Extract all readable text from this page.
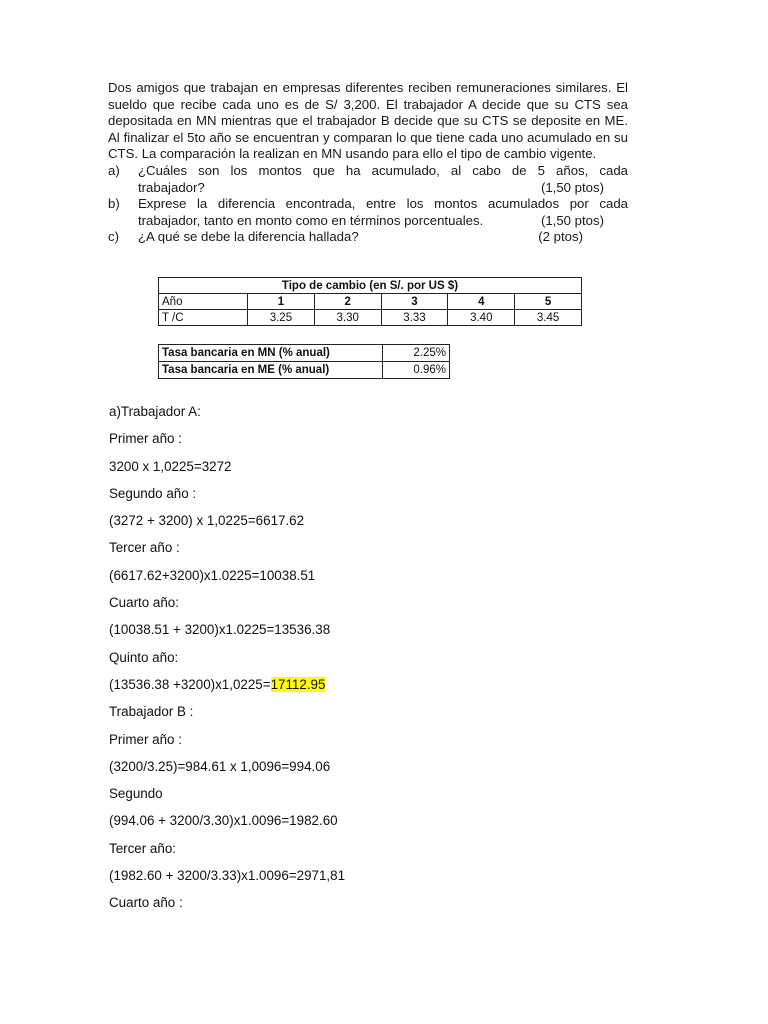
Dos amigos que trabajan en empresas diferentes reciben remuneraciones similares. El sueldo que recibe cada uno es de S/ 3,200. El trabajador A decide que su CTS sea depositada en MN mientras que el trabajador B decide que su CTS se deposite en ME. Al finalizar el 5to año se encuentran y comparan lo que tiene cada uno acumulado en su CTS. La comparación la realizan en MN usando para ello el tipo de cambio vigente.
a)	¿Cuáles son los montos que ha acumulado, al cabo de 5 años, cada
trabajador?	(1,50 ptos)
b)	Exprese la diferencia encontrada, entre los montos acumulados por cada
trabajador, tanto en monto como en términos porcentuales.	(1,50 ptos)
c)	¿A qué se debe la diferencia hallada?	(2 ptos)
Tipo de cambio (en S/. por US $)					
Año	1	2	3	4	5
T /C	3.25	3.30	3.33	3.40	3.45
Tasa bancaria en MN (% anual)	2.25%
Tasa bancaria en ME (% anual)	0.96%

a)Trabajador A:

Primer año :

3200 x 1,0225=3272

Segundo año :

(3272 + 3200) x 1,0225=6617.62

Tercer año :

(6617.62+3200)x1.0225=10038.51

Cuarto año:

(10038.51 + 3200)x1.0225=13536.38

Quinto año:

(13536.38 +3200)x1,0225=17112.95

Trabajador B :

Primer año :

(3200/3.25)=984.61 x 1,0096=994.06

Segundo

(994.06 + 3200/3.30)x1.0096=1982.60

Tercer año:

(1982.60 + 3200/3.33)x1.0096=2971,81

Cuarto año :
